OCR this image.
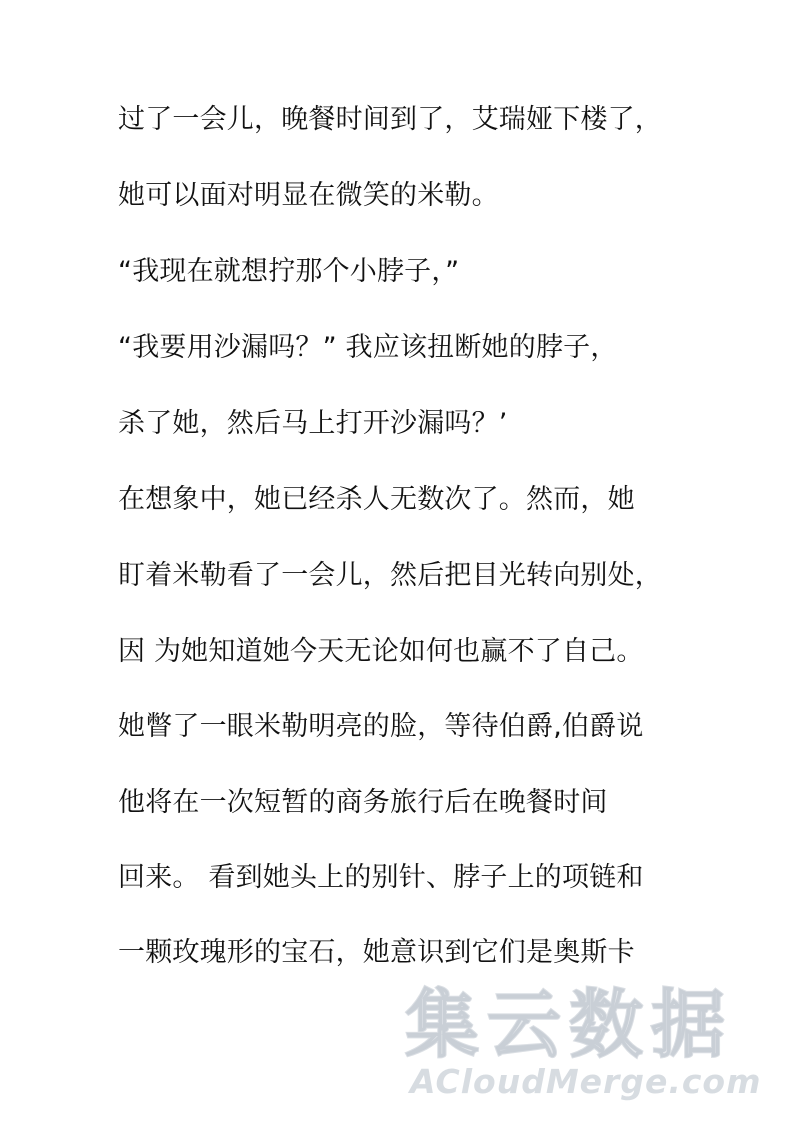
过了一会儿，晚餐时间到了，艾瑞娅下楼了，
她可以面对明显在微笑的米勒。
“我现在就想拧那个小脖子，”
“我要用沙漏吗？” 我应该扭断她的脖子，
杀了她，然后马上打开沙漏吗？’
在想象中，她已经杀人无数次了。然而，她
盯着米勒看了一会儿，然后把目光转向别处，
因 为她知道她今天无论如何也赢不了自己。
她瞥了一眼米勒明亮的脸，等待伯爵,伯爵说
他将在一次短暂的商务旅行后在晚餐时间
回来。 看到她头上的别针、脖子上的项链和
一颗玫瑰形的宝石，她意识到它们是奥斯卡
集云数据
ACloudMerge.com
